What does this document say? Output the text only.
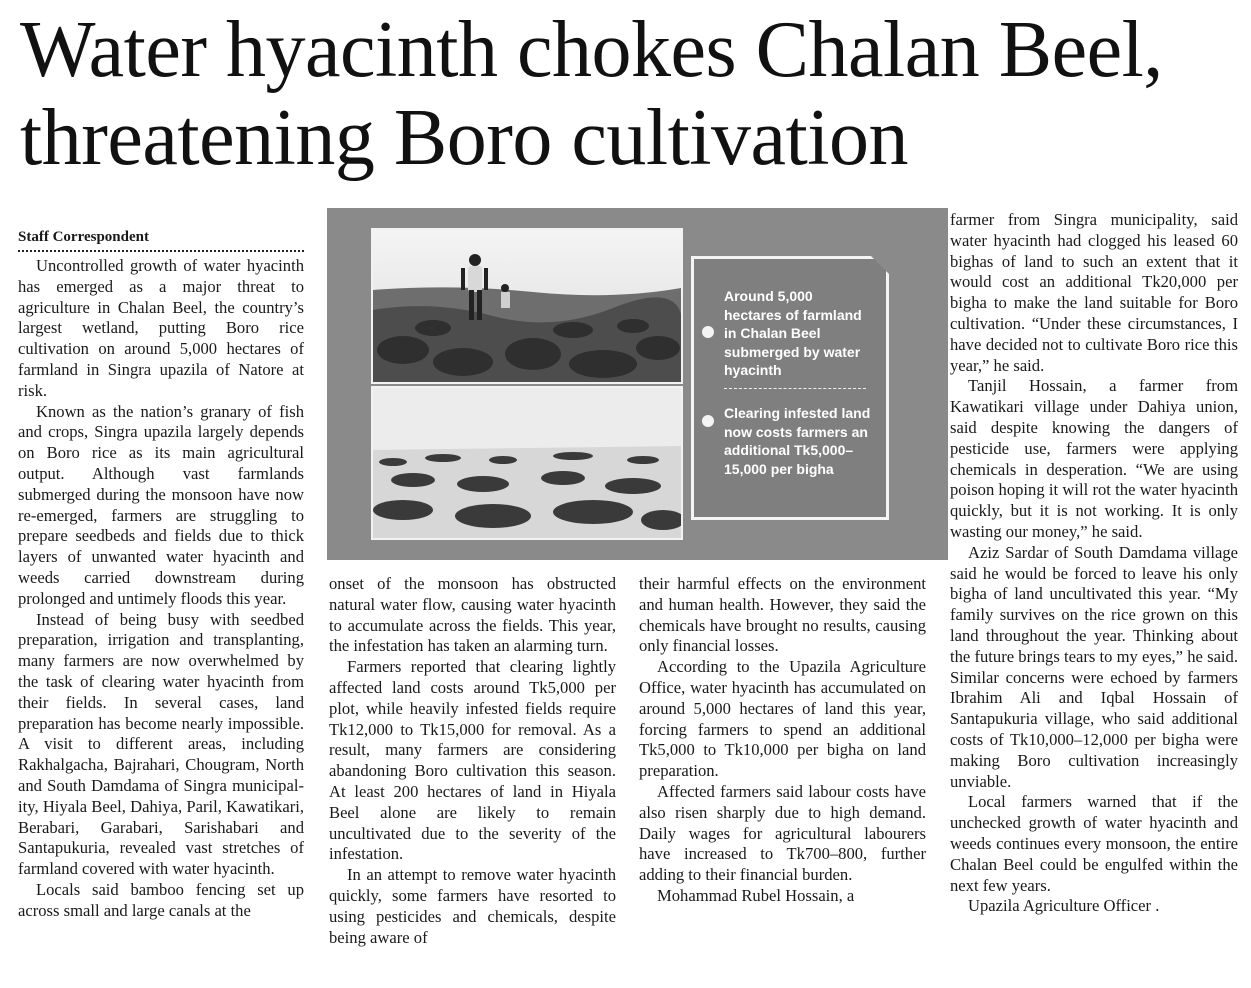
Water hyacinth chokes Chalan Beel, threatening Boro cultivation
Staff Correspondent

Uncontrolled growth of water hyacinth has emerged as a major threat to agriculture in Chalan Beel, the country’s largest wetland, putting Boro rice cultivation on around 5,000 hectares of farmland in Singra upazila of Natore at risk.

Known as the nation’s granary of fish and crops, Singra upazila largely depends on Boro rice as its main agricultural output. Although vast farmlands submerged during the monsoon have now re-emerged, farmers are struggling to prepare seedbeds and fields due to thick layers of unwanted water hyacinth and weeds carried downstream during prolonged and untimely floods this year.

Instead of being busy with seedbed preparation, irrigation and transplanting, many farmers are now overwhelmed by the task of clearing water hyacinth from their fields. In several cases, land preparation has become nearly impossible. A visit to different areas, including Rakhalgacha, Bajrahari, Chougram, North and South Damdama of Singra municipality, Hiyala Beel, Dahiya, Paril, Kawatikari, Berabari, Garabari, Sarishabari and Santapukuria, revealed vast stretches of farmland covered with water hyacinth.

Locals said bamboo fencing set up across small and large canals at the

Around 5,000 hectares of farmland in Chalan Beel submerged by water hyacinth
Clearing infested land now costs farmers an additional Tk5,000–15,000 per bigha

onset of the monsoon has obstructed natural water flow, causing water hyacinth to accumulate across the fields. This year, the infestation has taken an alarming turn.

Farmers reported that clearing lightly affected land costs around Tk5,000 per plot, while heavily infested fields require Tk12,000 to Tk15,000 for removal. As a result, many farmers are considering abandoning Boro cultivation this season. At least 200 hectares of land in Hiyala Beel alone are likely to remain uncultivated due to the severity of the infestation.

In an attempt to remove water hyacinth quickly, some farmers have resorted to using pesticides and chemicals, despite being aware of

their harmful effects on the environment and human health. However, they said the chemicals have brought no results, causing only financial losses.

According to the Upazila Agriculture Office, water hyacinth has accumulated on around 5,000 hectares of land this year, forcing farmers to spend an additional Tk5,000 to Tk10,000 per bigha on land preparation.

Affected farmers said labour costs have also risen sharply due to high demand. Daily wages for agricultural labourers have increased to Tk700–800, further adding to their financial burden.

Mohammad Rubel Hossain, a

farmer from Singra municipality, said water hyacinth had clogged his leased 60 bighas of land to such an extent that it would cost an additional Tk20,000 per bigha to make the land suitable for Boro cultivation. “Under these circumstances, I have decided not to cultivate Boro rice this year,” he said.

Tanjil Hossain, a farmer from Kawatikari village under Dahiya union, said despite knowing the dangers of pesticide use, farmers were applying chemicals in desperation. “We are using poison hoping it will rot the water hyacinth quickly, but it is not working. It is only wasting our money,” he said.

Aziz Sardar of South Damdama village said he would be forced to leave his only bigha of land uncultivated this year. “My family survives on the rice grown on this land throughout the year. Thinking about the future brings tears to my eyes,” he said. Similar concerns were echoed by farmers Ibrahim Ali and Iqbal Hossain of Santapukuria village, who said additional costs of Tk10,000–12,000 per bigha were making Boro cultivation increasingly unviable.

Local farmers warned that if the unchecked growth of water hyacinth and weeds continues every monsoon, the entire Chalan Beel could be engulfed within the next few years.

Upazila Agriculture Officer .
